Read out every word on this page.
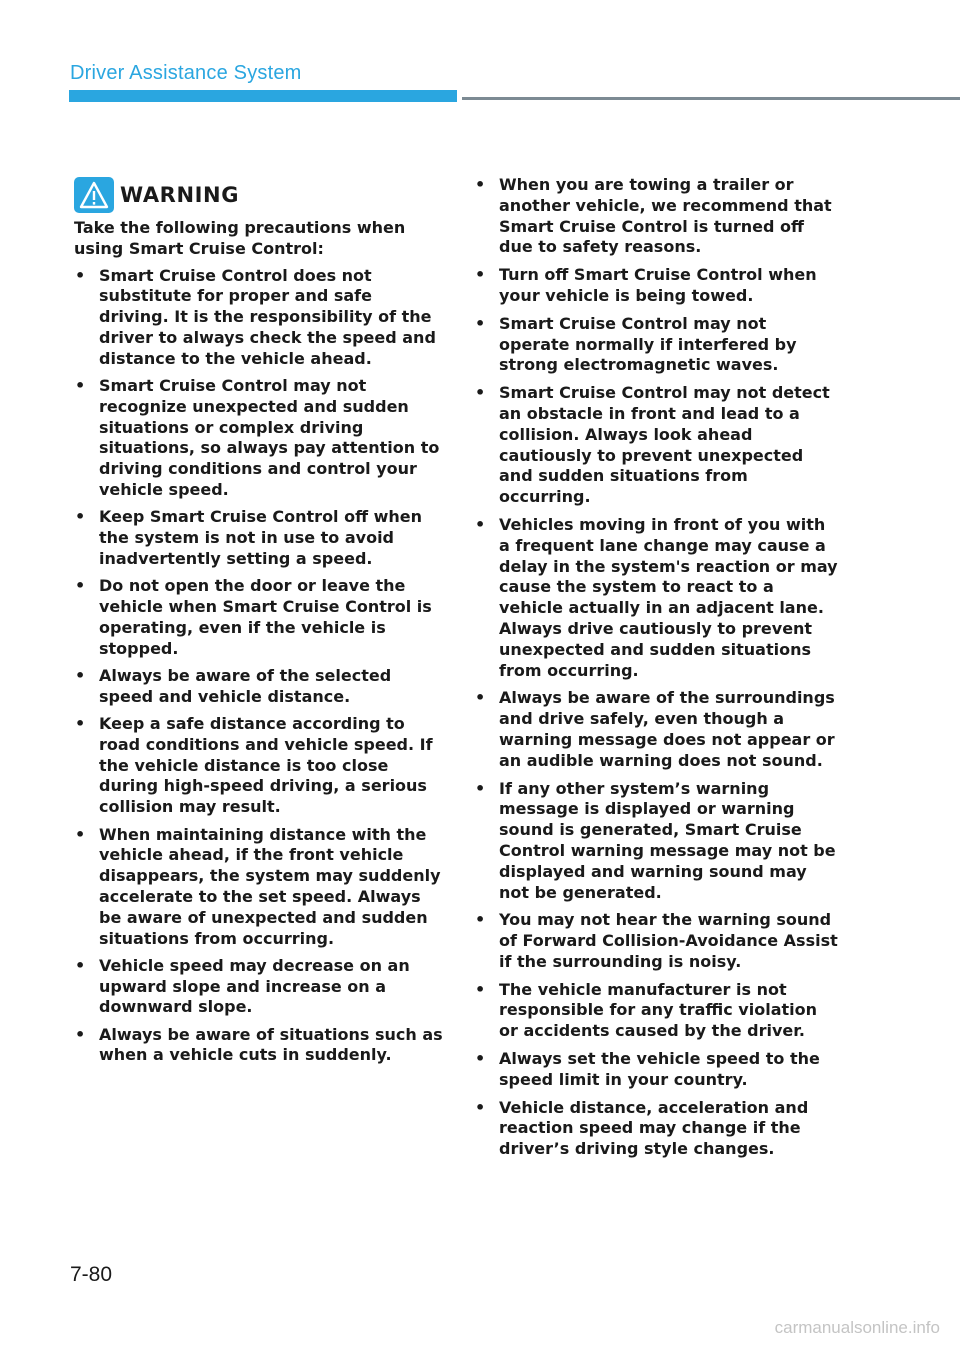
Driver Assistance System
WARNING

Take the following precautions when using Smart Cruise Control:

• Smart Cruise Control does not substitute for proper and safe driving. It is the responsibility of the driver to always check the speed and distance to the vehicle ahead.
• Smart Cruise Control may not recognize unexpected and sudden situations or complex driving situations, so always pay attention to driving conditions and control your vehicle speed.
• Keep Smart Cruise Control off when the system is not in use to avoid inadvertently setting a speed.
• Do not open the door or leave the vehicle when Smart Cruise Control is operating, even if the vehicle is stopped.
• Always be aware of the selected speed and vehicle distance.
• Keep a safe distance according to road conditions and vehicle speed. If the vehicle distance is too close during high-speed driving, a serious collision may result.
• When maintaining distance with the vehicle ahead, if the front vehicle disappears, the system may suddenly accelerate to the set speed. Always be aware of unexpected and sudden situations from occurring.
• Vehicle speed may decrease on an upward slope and increase on a downward slope.
• Always be aware of situations such as when a vehicle cuts in suddenly.
• When you are towing a trailer or another vehicle, we recommend that Smart Cruise Control is turned off due to safety reasons.
• Turn off Smart Cruise Control when your vehicle is being towed.
• Smart Cruise Control may not operate normally if interfered by strong electromagnetic waves.
• Smart Cruise Control may not detect an obstacle in front and lead to a collision. Always look ahead cautiously to prevent unexpected and sudden situations from occurring.
• Vehicles moving in front of you with a frequent lane change may cause a delay in the system's reaction or may cause the system to react to a vehicle actually in an adjacent lane. Always drive cautiously to prevent unexpected and sudden situations from occurring.
• Always be aware of the surroundings and drive safely, even though a warning message does not appear or an audible warning does not sound.
• If any other system’s warning message is displayed or warning sound is generated, Smart Cruise Control warning message may not be displayed and warning sound may not be generated.
• You may not hear the warning sound of Forward Collision-Avoidance Assist if the surrounding is noisy.
• The vehicle manufacturer is not responsible for any traffic violation or accidents caused by the driver.
• Always set the vehicle speed to the speed limit in your country.
• Vehicle distance, acceleration and reaction speed may change if the driver’s driving style changes.
7-80
carmanualsonline.info
